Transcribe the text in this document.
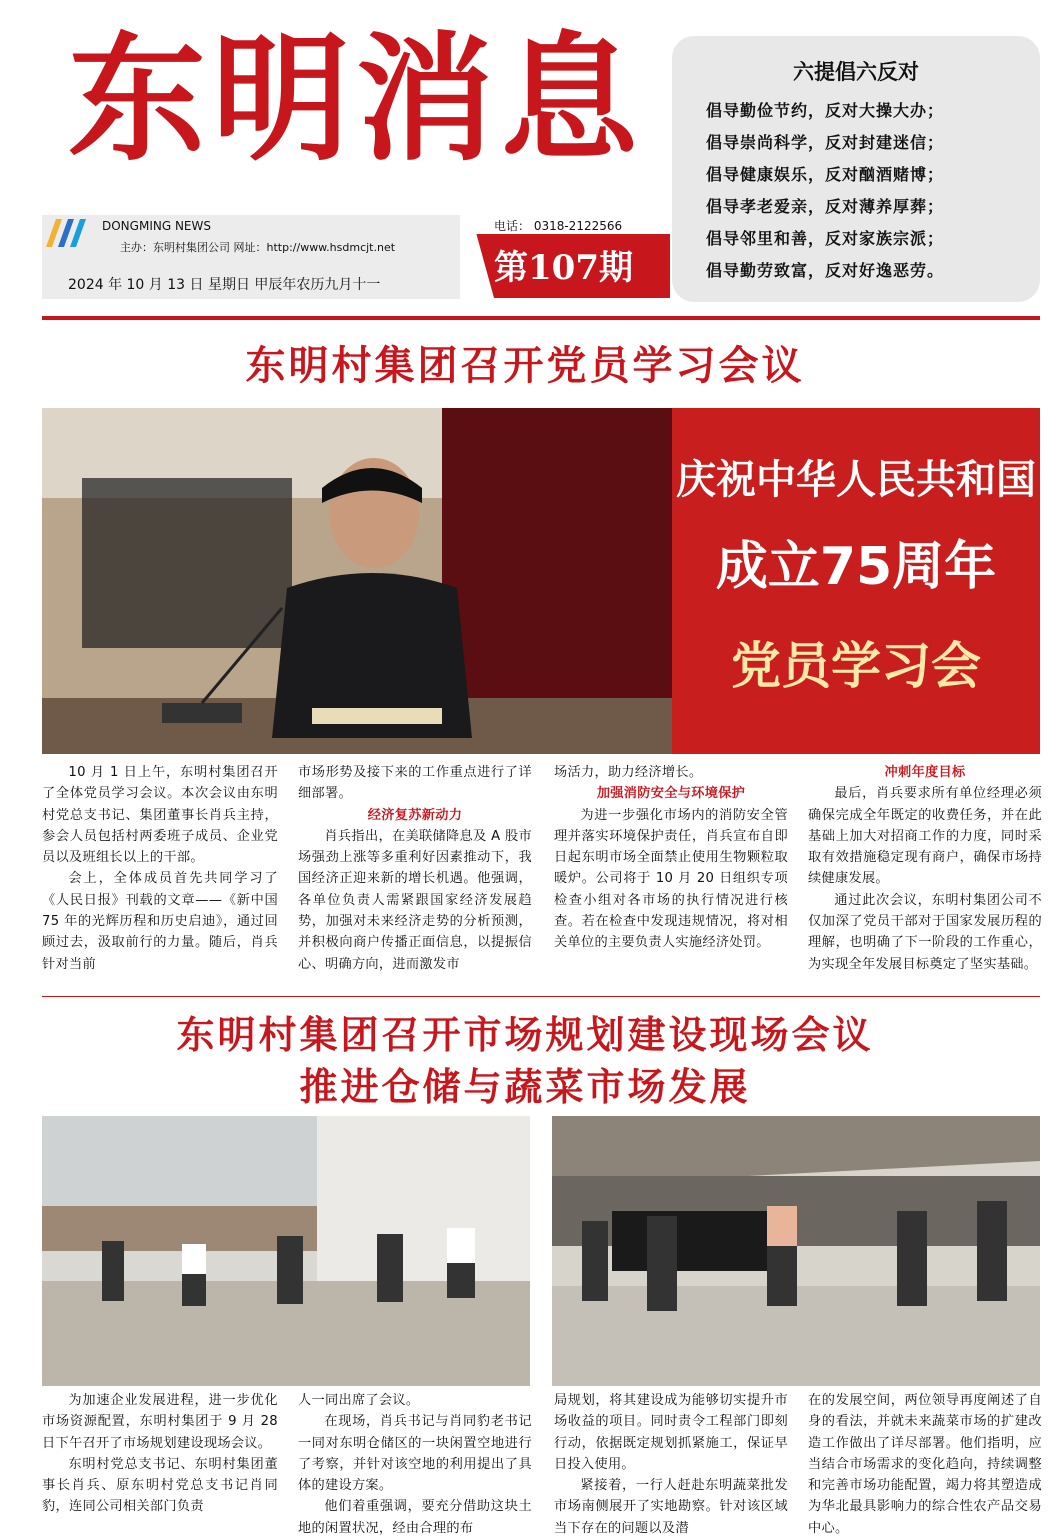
东明消息
DONGMING NEWS
主办：东明村集团公司 网址：http://www.hsdmcjt.net
2024 年 10 月 13 日 星期日 甲辰年农历九月十一
电话： 0318-2122566
第107期
六提倡六反对
倡导勤俭节约，反对大操大办；
倡导崇尚科学，反对封建迷信；
倡导健康娱乐，反对酗酒赌博；
倡导孝老爱亲，反对薄养厚葬；
倡导邻里和善，反对家族宗派；
倡导勤劳致富，反对好逸恶劳。
东明村集团召开党员学习会议
庆祝中华人民共和国
成立75周年
党员学习会

10 月 1 日上午，东明村集团召开了全体党员学习会议。本次会议由东明村党总支书记、集团董事长肖兵主持，参会人员包括村两委班子成员、企业党员以及班组长以上的干部。

会上，全体成员首先共同学习了《人民日报》刊载的文章——《新中国 75 年的光辉历程和历史启迪》，通过回顾过去，汲取前行的力量。随后，肖兵针对当前

市场形势及接下来的工作重点进行了详细部署。

经济复苏新动力

肖兵指出，在美联储降息及 A 股市场强劲上涨等多重利好因素推动下，我国经济正迎来新的增长机遇。他强调，各单位负责人需紧跟国家经济发展趋势，加强对未来经济走势的分析预测，并积极向商户传播正面信息，以提振信心、明确方向，进而激发市

场活力，助力经济增长。

加强消防安全与环境保护

为进一步强化市场内的消防安全管理并落实环境保护责任，肖兵宣布自即日起东明市场全面禁止使用生物颗粒取暖炉。公司将于 10 月 20 日组织专项检查小组对各市场的执行情况进行核查。若在检查中发现违规情况，将对相关单位的主要负责人实施经济处罚。

冲刺年度目标

最后，肖兵要求所有单位经理必须确保完成全年既定的收费任务，并在此基础上加大对招商工作的力度，同时采取有效措施稳定现有商户，确保市场持续健康发展。

通过此次会议，东明村集团公司不仅加深了党员干部对于国家发展历程的理解，也明确了下一阶段的工作重心，为实现全年发展目标奠定了坚实基础。

东明村集团召开市场规划建设现场会议
推进仓储与蔬菜市场发展

为加速企业发展进程，进一步优化市场资源配置，东明村集团于 9 月 28 日下午召开了市场规划建设现场会议。

东明村党总支书记、东明村集团董事长肖兵、原东明村党总支书记肖同豹，连同公司相关部门负责

人一同出席了会议。

在现场，肖兵书记与肖同豹老书记一同对东明仓储区的一块闲置空地进行了考察，并针对该空地的利用提出了具体的建设方案。

他们着重强调，要充分借助这块土地的闲置状况，经由合理的布

局规划，将其建设成为能够切实提升市场收益的项目。同时责令工程部门即刻行动，依据既定规划抓紧施工，保证早日投入使用。

紧接着，一行人赶赴东明蔬菜批发市场南侧展开了实地勘察。针对该区域当下存在的问题以及潜

在的发展空间，两位领导再度阐述了自身的看法，并就未来蔬菜市场的扩建改造工作做出了详尽部署。他们指明，应当结合市场需求的变化趋向，持续调整和完善市场功能配置，竭力将其塑造成为华北最具影响力的综合性农产品交易中心。
